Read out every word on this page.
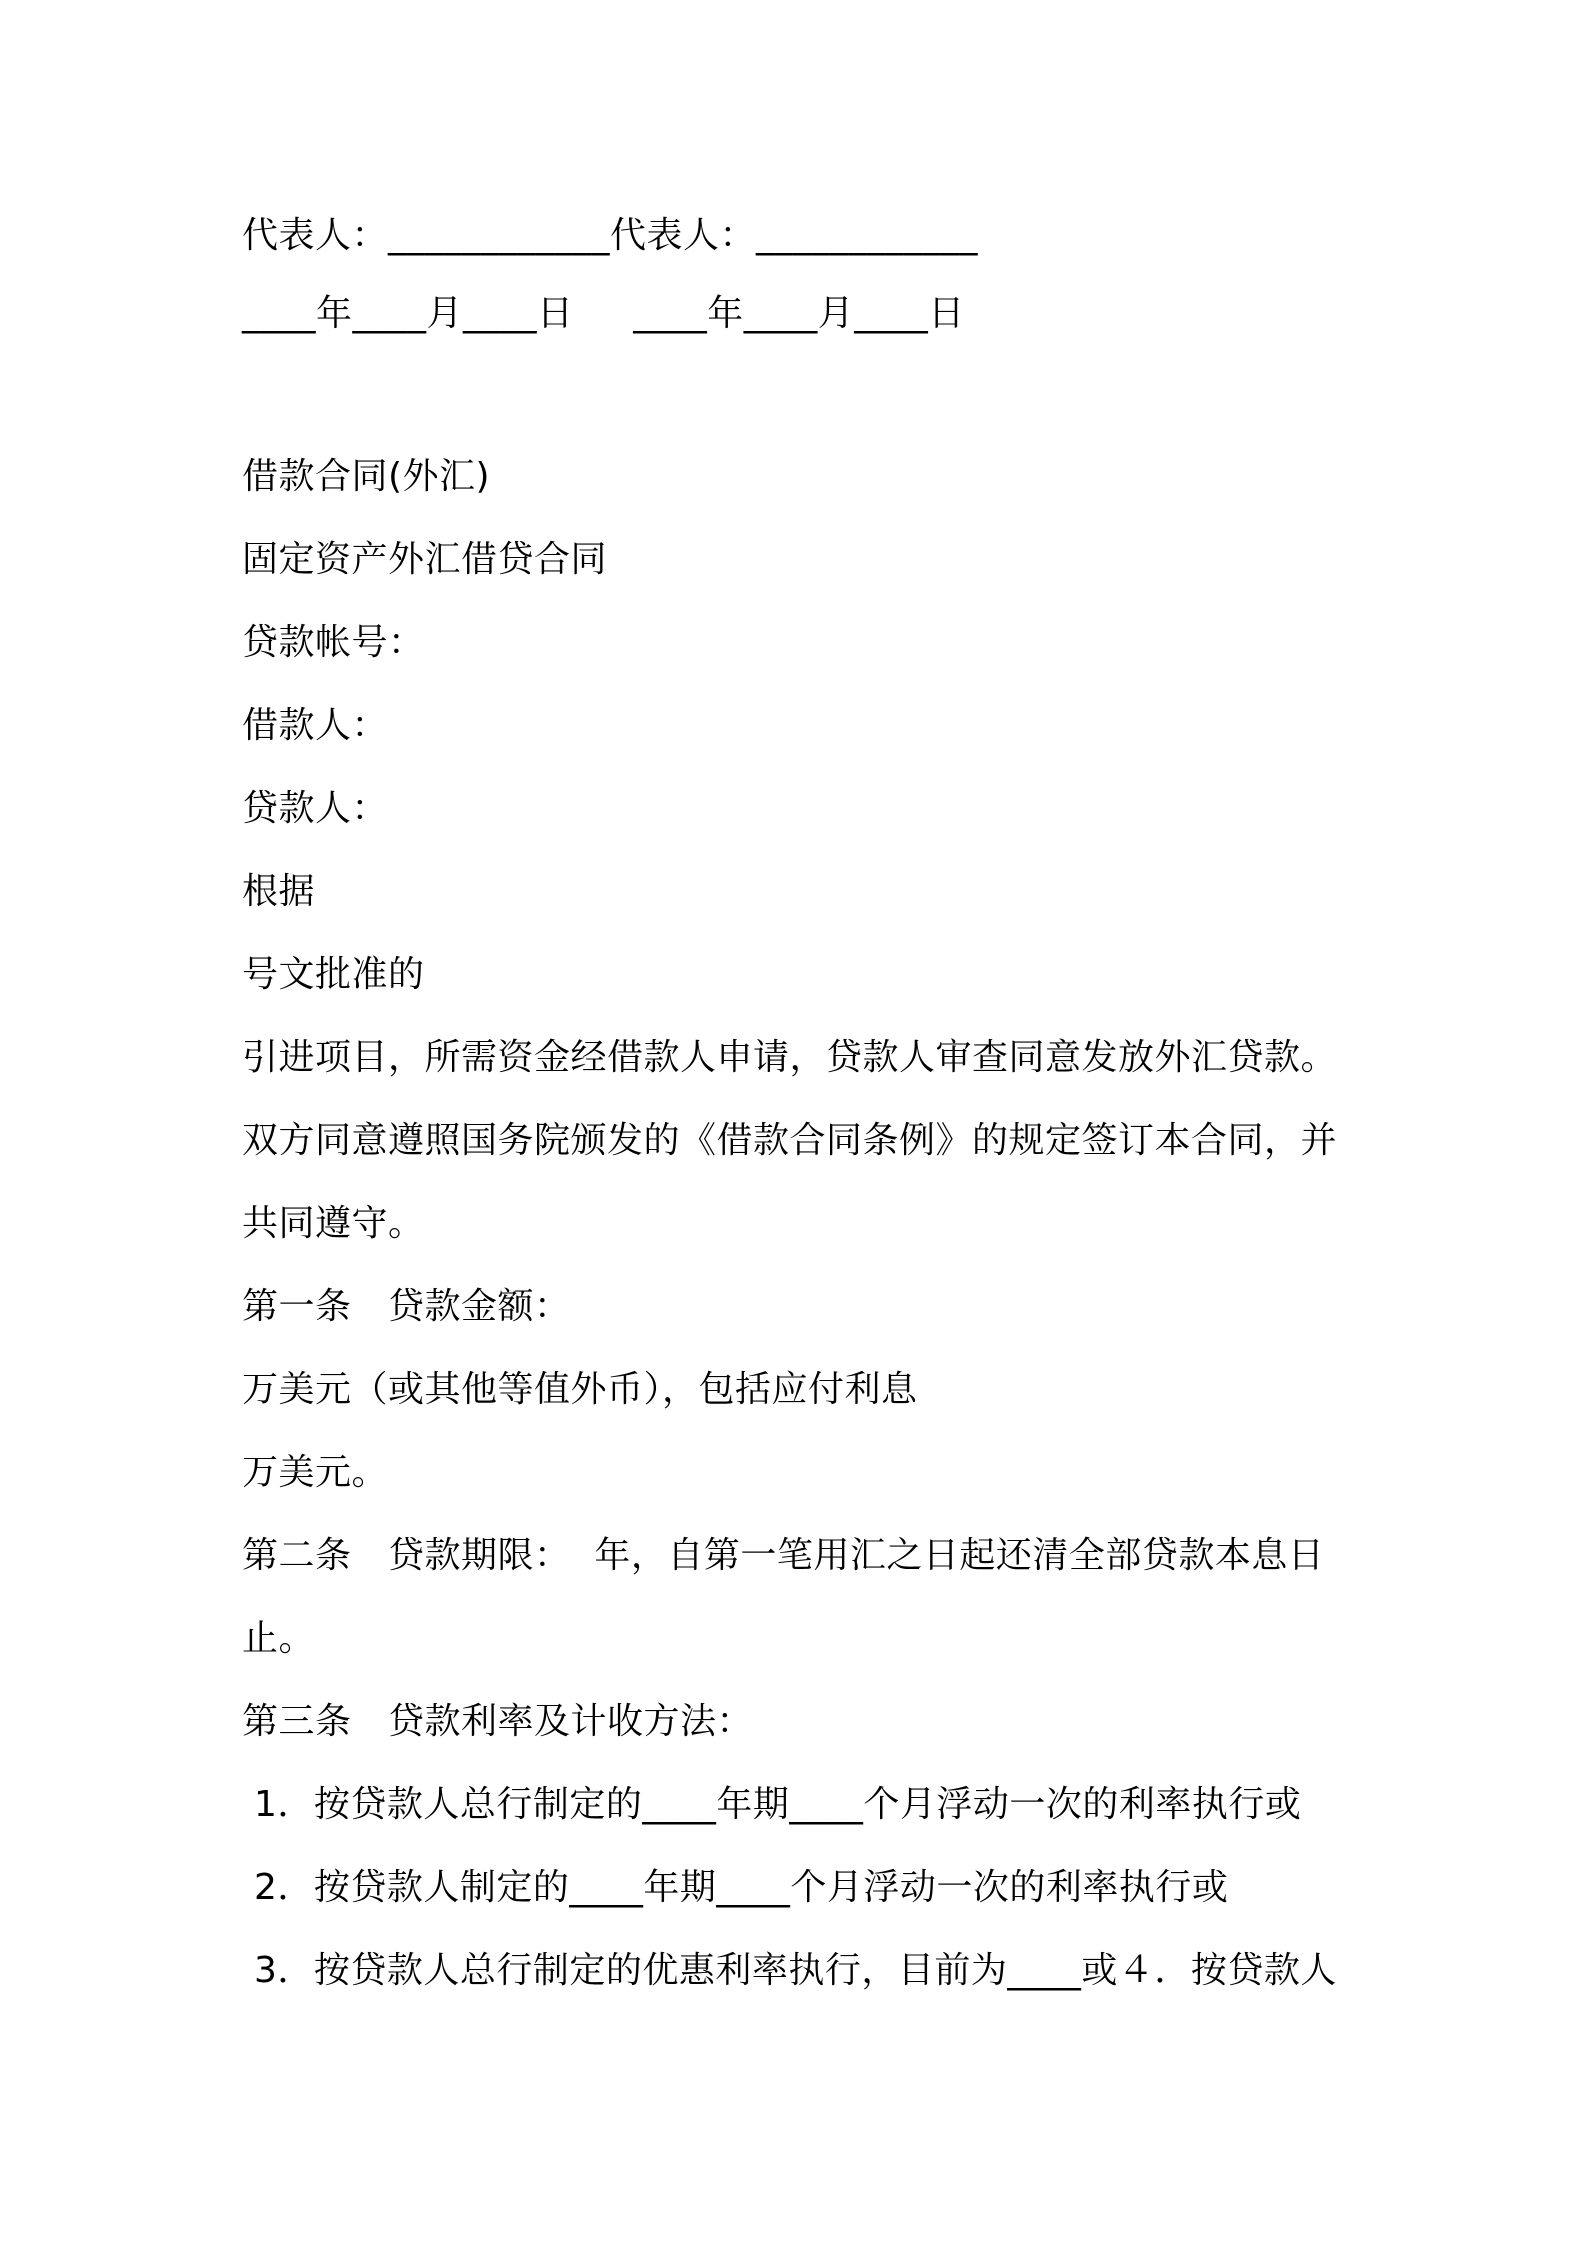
代表人：____________代表人：____________
____年____月____日     ____年____月____日
借款合同(外汇)
固定资产外汇借贷合同
贷款帐号：
借款人：
贷款人：
根据
号文批准的
引进项目，所需资金经借款人申请，贷款人审查同意发放外汇贷款。
双方同意遵照国务院颁发的《借款合同条例》的规定签订本合同，并
共同遵守。
第一条　贷款金额：
万美元（或其他等值外币），包括应付利息
万美元。
第二条　贷款期限：  年，自第一笔用汇之日起还清全部贷款本息日
止。
第三条　贷款利率及计收方法：
1．按贷款人总行制定的____年期____个月浮动一次的利率执行或
2．按贷款人制定的____年期____个月浮动一次的利率执行或
3．按贷款人总行制定的优惠利率执行，目前为____或４．按贷款人
